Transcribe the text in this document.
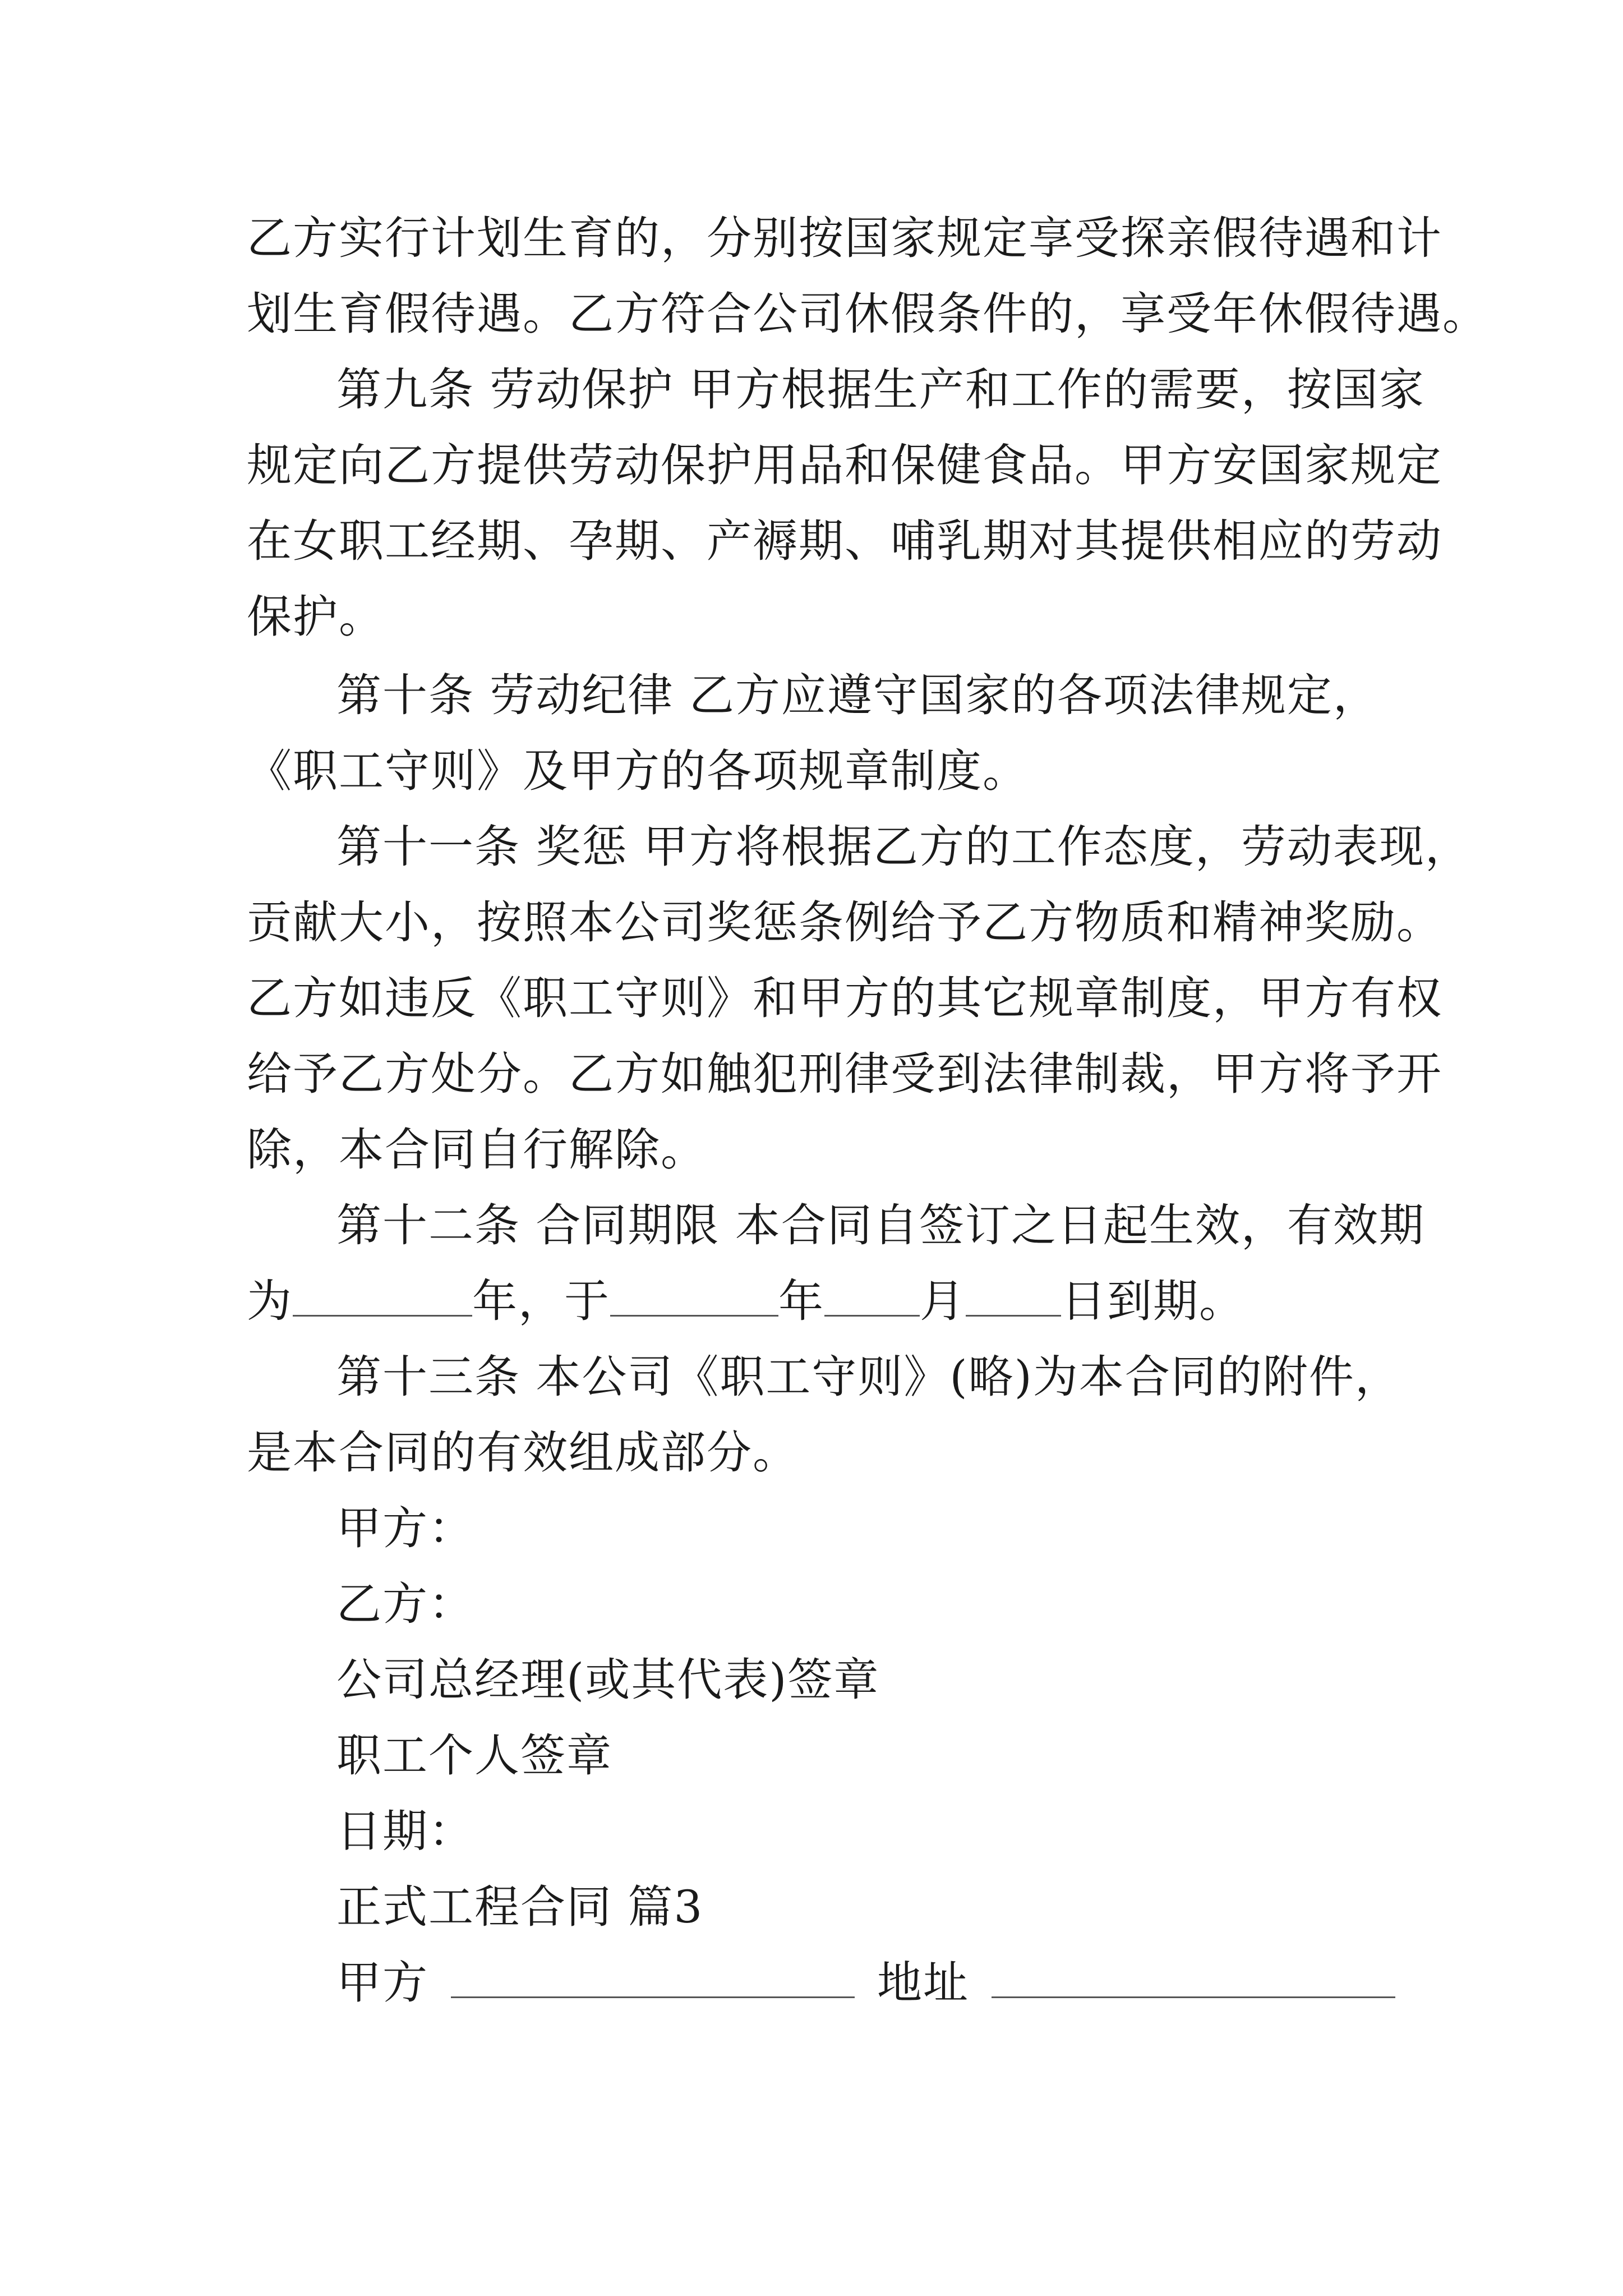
乙方实行计划生育的，分别按国家规定享受探亲假待遇和计
划生育假待遇。乙方符合公司休假条件的，享受年休假待遇。
第九条 劳动保护 甲方根据生产和工作的需要，按国家
规定向乙方提供劳动保护用品和保健食品。甲方安国家规定
在女职工经期、孕期、产褥期、哺乳期对其提供相应的劳动
保护。
第十条 劳动纪律 乙方应遵守国家的各项法律规定，
《职工守则》及甲方的各项规章制度。
第十一条 奖惩 甲方将根据乙方的工作态度，劳动表现，
贡献大小，按照本公司奖惩条例给予乙方物质和精神奖励。
乙方如违反《职工守则》和甲方的其它规章制度，甲方有权
给予乙方处分。乙方如触犯刑律受到法律制裁，甲方将予开
除，本合同自行解除。
第十二条 合同期限 本合同自签订之日起生效，有效期
为	年，于	年 月 日到期。
第十三条 本公司《职工守则》(略)为本合同的附件，
是本合同的有效组成部分。
甲方：
乙方：
公司总经理(或其代表)签章
职工个人签章
日期：
正式工程合同 篇3
甲方	地址
